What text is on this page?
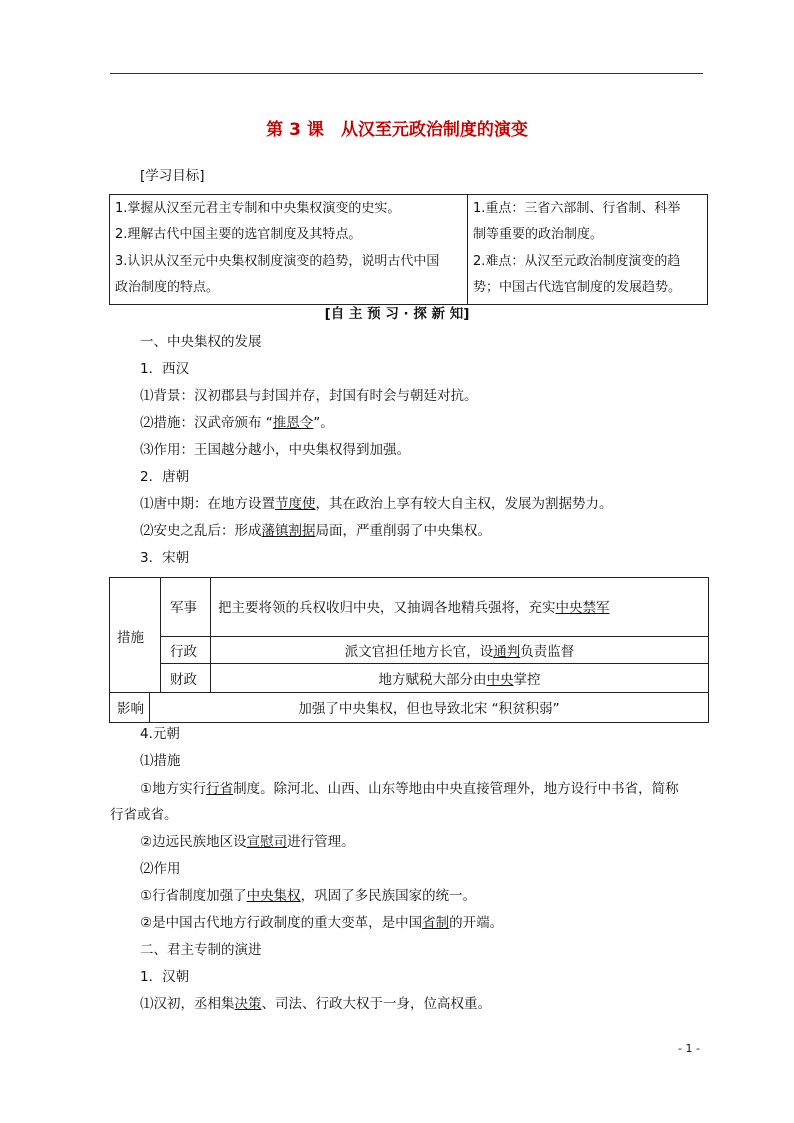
第 3 课　从汉至元政治制度的演变
[学习目标]
1.掌握从汉至元君主专制和中央集权演变的史实。
2.理解古代中国主要的选官制度及其特点。
3.认识从汉至元中央集权制度演变的趋势，说明古代中国
政治制度的特点。
1.重点：三省六部制、行省制、科举
制等重要的政治制度。
2.难点：从汉至元政治制度演变的趋
势；中国古代选官制度的发展趋势。
[自 主 预 习 · 探 新 知]
一、中央集权的发展
1．西汉
⑴背景：汉初郡县与封国并存，封国有时会与朝廷对抗。
⑵措施：汉武帝颁布 “推恩令”。
⑶作用：王国越分越小，中央集权得到加强。
2．唐朝
⑴唐中期：在地方设置节度使，其在政治上享有较大自主权，发展为割据势力。
⑵安史之乱后：形成藩镇割据局面，严重削弱了中央集权。
3．宋朝
措施
军事 把主要将领的兵权收归中央，又抽调各地精兵强将，充实中央禁军
行政	派文官担任地方长官，设通判负责监督
财政	地方赋税大部分由中央掌控
影响	加强了中央集权，但也导致北宋 “积贫积弱”
4.元朝
⑴措施
①地方实行行省制度。除河北、山西、山东等地由中央直接管理外，地方设行中书省，简称
行省或省。
②边远民族地区设宣慰司进行管理。
⑵作用
①行省制度加强了中央集权，巩固了多民族国家的统一。
②是中国古代地方行政制度的重大变革，是中国省制的开端。
二、君主专制的演进
1．汉朝
⑴汉初，丞相集决策、司法、行政大权于一身，位高权重。
- 1 -
